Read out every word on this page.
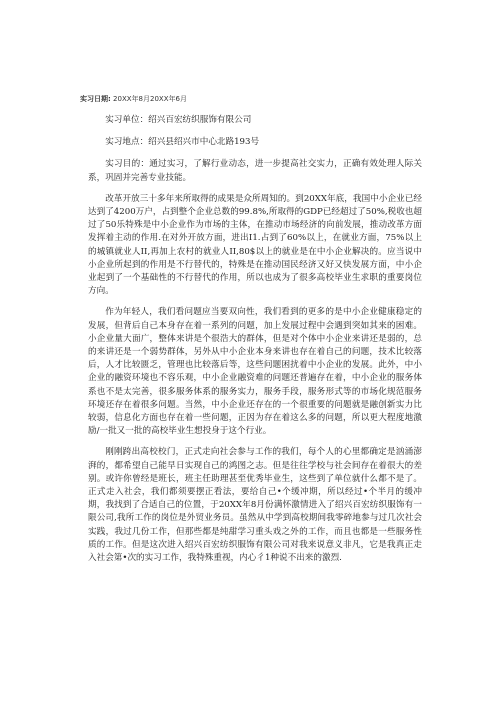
实习日期: 20XX年8月20XX年6月

实习单位：绍兴百宏纺织服饰有限公司

实习地点：绍兴县绍兴市中心北路193号

实习目的：通过实习，了解行业动态，进一步提高社交实力，正确有效处理人际关系，巩固并完善专业技能。

改革开放三十多年来所取得的成果是众所周知的。到20XX年底，我国中小企业已经达到了4200万户，占到整个企业总数的99.8%,所取得的GDP已经超过了50%,税收也超过了50乐特殊是中小企业作为市场的主体，在推动市场经济的向前发展，推动改革方面发挥着主动的作用.在对外开放方面，进出I1.占到了60%以上，在就业方面，75%以上的城镇就业人II,再加上农村的就业人II,80$以上的就业是在中小企业解决的。应当说中小企业所起到的作用是不行替代的，特殊是在推动国民经济又好又快发展方面，中小企业起到了一个基础性的不行替代的作用，所以也成为了很多高校毕业生求职的重要岗位方向。

作为年轻人，我们看问题应当要双向性，我们看到的更多的是中小企业健康稳定的发展，但背后自己本身存在着一系列的问题，加上发展过程中会遇到突如其来的困难。小企业量大面广，整体来讲是个很浩大的群体，但是对个体中小企业来讲还是弱的，总的来讲还是一个弱势群体，另外从中小企业本身来讲也存在着自己的问题，技术比较落后，人才比较匮乏，管理也比较落后等，这些问题困扰着中小企业的发展。此外，中小企业的融资环境也不容乐观，中小企业融资难的问题还普遍存在着，中小企业的服务体系也不是太完善，很多服务体系的服务实力，服务手段，服务形式等的市场化规范服务环境还存在着很多问题。当然，中小企业还存在的一个很重要的问题就是融创新实力比较弱，信息化方面也存在着一些问题，正因为存在着这么多的问题，所以更大程度地激励/一批又一批的高校毕业生想投身于这个行业。

刚刚跨出高校校门，正式走向社会参与工作的我们，每个人的心里都确定是汹涌澎湃的，都希望自己能早日实现自己的鸿图之志。但是往往学校与社会间存在着很大的差别。或许你曾经是班长，班主任助理甚至优秀毕业生，这些到了单位就什么都不是了。正式走入社会，我们都须要摆正看法，要给自己•个缓冲期，所以经过•个半月的缓冲期，我找到了合适自己的位置，于20XX年8月份满怀激情进入了绍兴百宏纺织服饰有一限公司,我所工作的岗位是外贸业务员。虽然从中学到高校期间我零碎地参与过几次社会实践，我过几份工作，但那些都是纯甜学习重头戏之外的工作，而且也都是一些服务性质的工作。但是这次进入绍兴百宏纺织服饰有限公司对我来说意义非凡，它是我真正走入社会第•次的实习工作，我特殊重视，内心彳1种说不出来的激烈.
